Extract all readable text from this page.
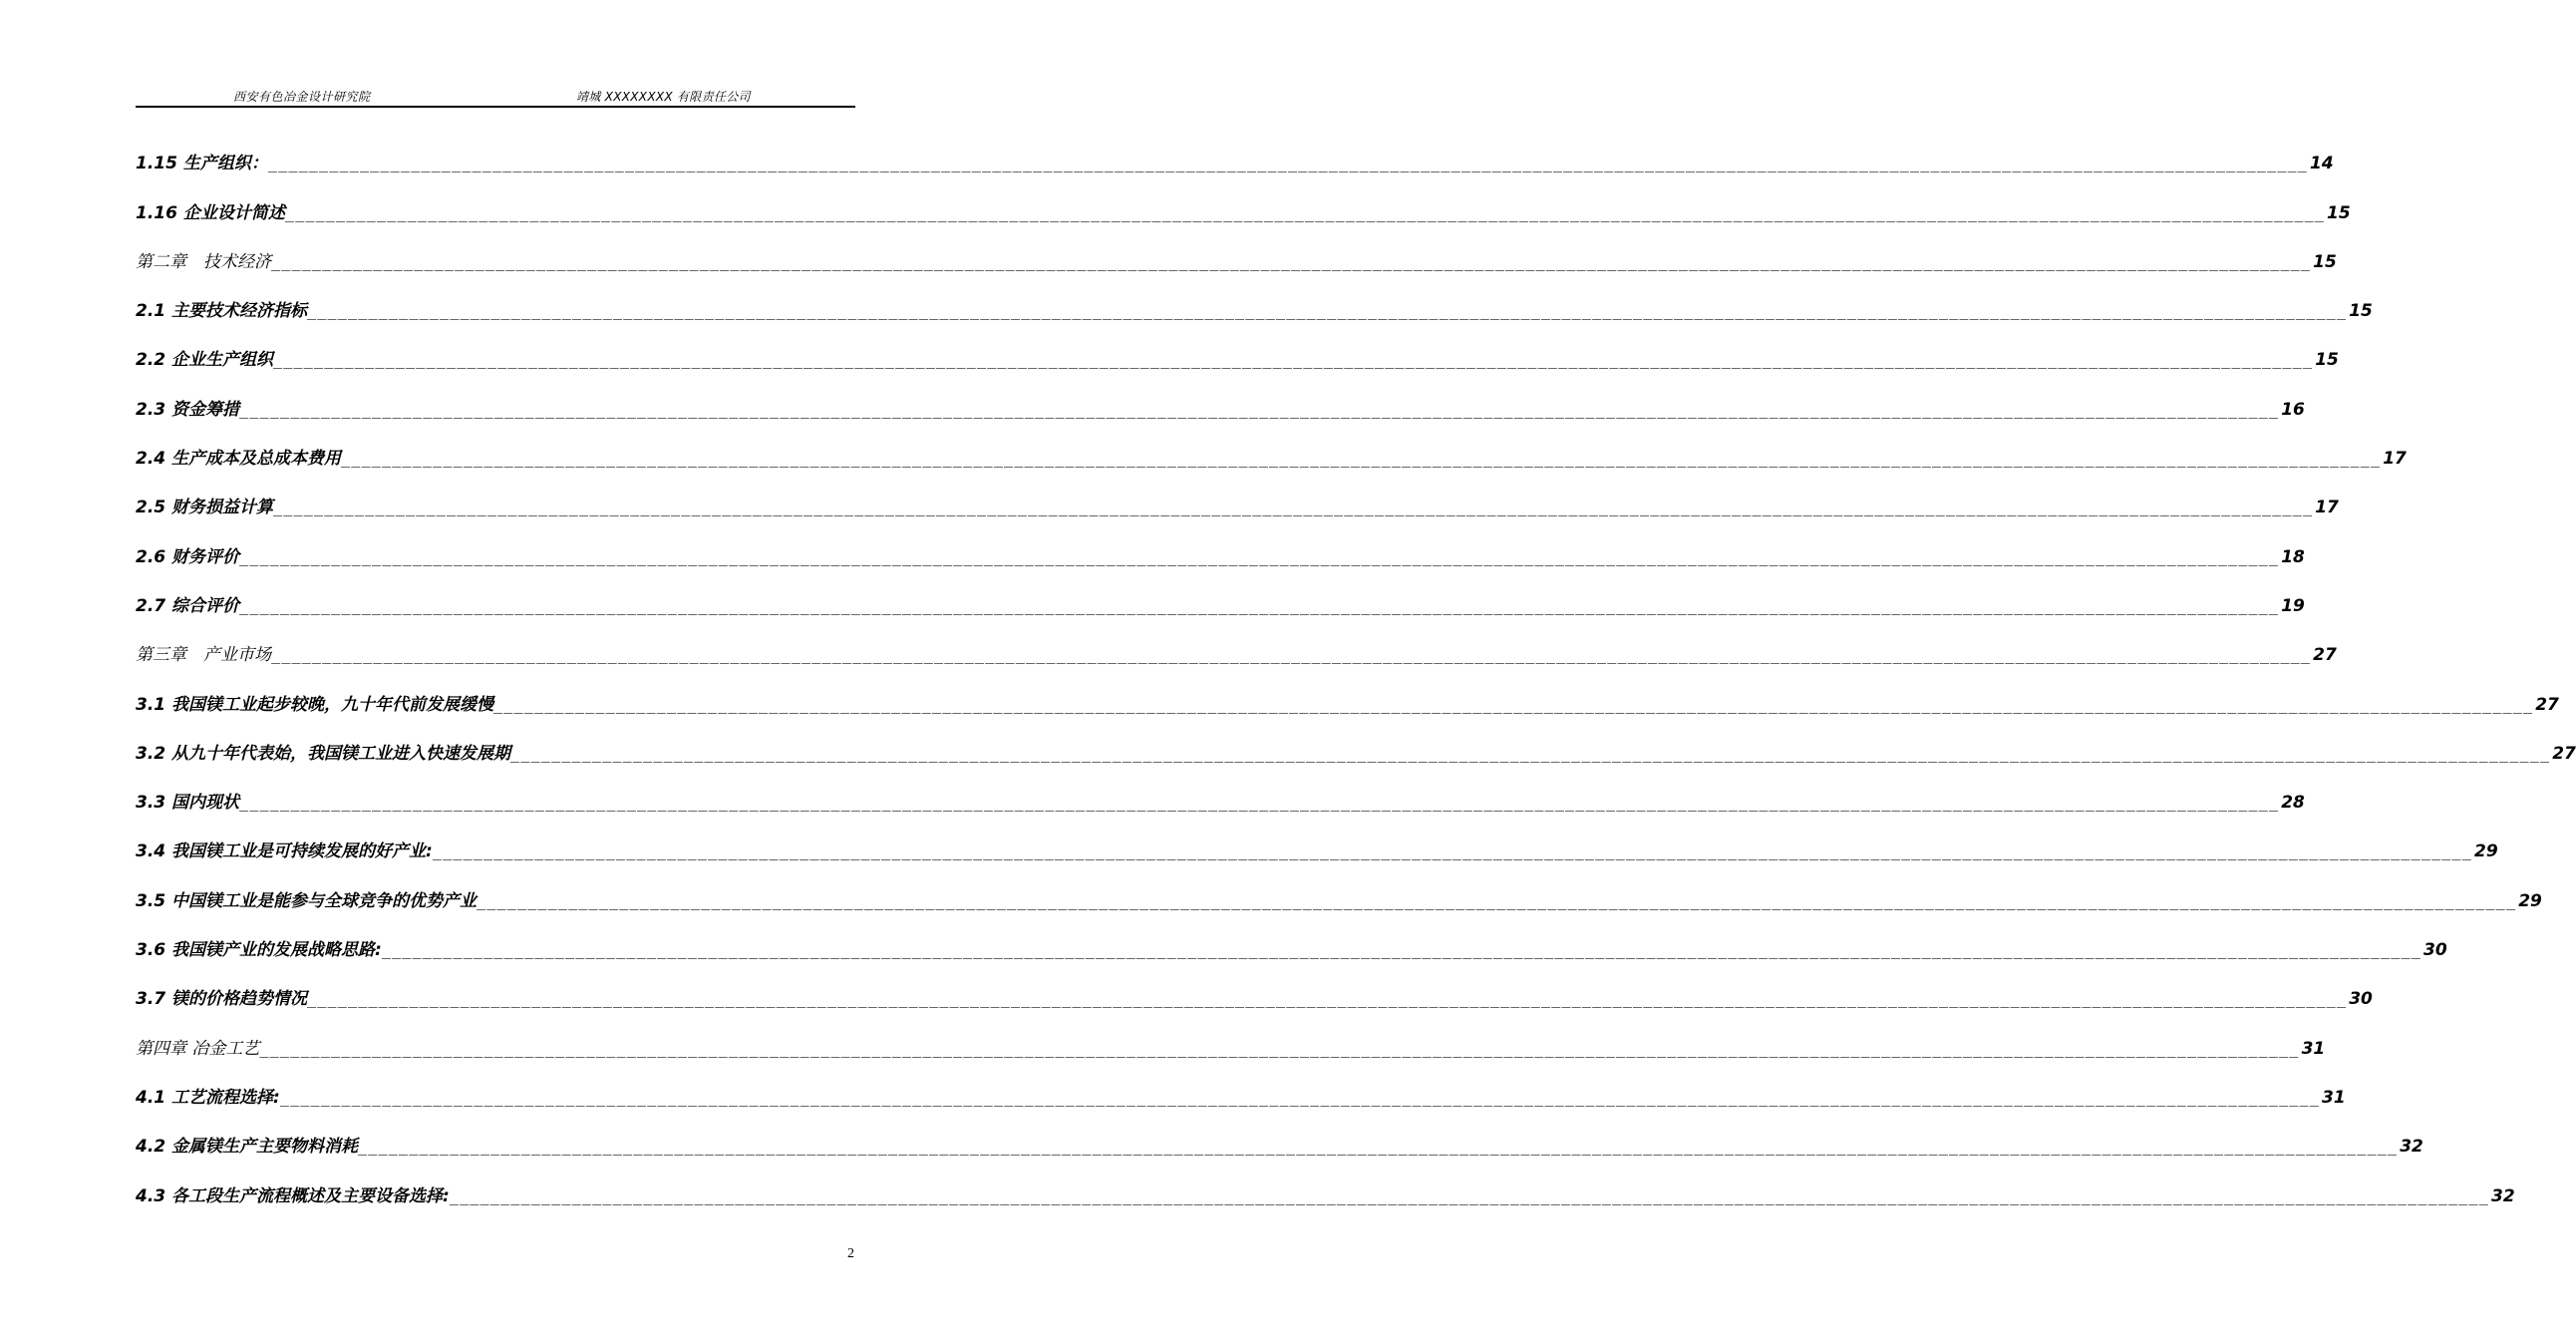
西安有色冶金设计研究院	靖城 XXXXXXXX 有限责任公司
1.15 生产组织： ________________________________________________________________________________________________________________________________________________________________________________________________________ 14
1.16 企业设计简述 ________________________________________________________________________________________________________________________________________________________________________________________________________ 15
第二章　技术经济 ________________________________________________________________________________________________________________________________________________________________________________________________________ 15
2.1 主要技术经济指标 ________________________________________________________________________________________________________________________________________________________________________________________________________ 15
2.2 企业生产组织 ________________________________________________________________________________________________________________________________________________________________________________________________________ 15
2.3 资金筹措 ________________________________________________________________________________________________________________________________________________________________________________________________________ 16
2.4 生产成本及总成本费用 ________________________________________________________________________________________________________________________________________________________________________________________________________ 17
2.5 财务损益计算 ________________________________________________________________________________________________________________________________________________________________________________________________________ 17
2.6 财务评价 ________________________________________________________________________________________________________________________________________________________________________________________________________ 18
2.7 综合评价 ________________________________________________________________________________________________________________________________________________________________________________________________________ 19
第三章　产业市场 ________________________________________________________________________________________________________________________________________________________________________________________________________ 27
3.1 我国镁工业起步较晚，九十年代前发展缓慢 ________________________________________________________________________________________________________________________________________________________________________________________________________ 27
3.2 从九十年代表始，我国镁工业进入快速发展期 ________________________________________________________________________________________________________________________________________________________________________________________________________ 27
3.3 国内现状 ________________________________________________________________________________________________________________________________________________________________________________________________________ 28
3.4 我国镁工业是可持续发展的好产业: ________________________________________________________________________________________________________________________________________________________________________________________________________ 29
3.5 中国镁工业是能参与全球竞争的优势产业 ________________________________________________________________________________________________________________________________________________________________________________________________________ 29
3.6 我国镁产业的发展战略思路: ________________________________________________________________________________________________________________________________________________________________________________________________________ 30
3.7 镁的价格趋势情况 ________________________________________________________________________________________________________________________________________________________________________________________________________ 30
第四章 冶金工艺 ________________________________________________________________________________________________________________________________________________________________________________________________________ 31
4.1 工艺流程选择: ________________________________________________________________________________________________________________________________________________________________________________________________________ 31
4.2 金属镁生产主要物料消耗 ________________________________________________________________________________________________________________________________________________________________________________________________________ 32
4.3 各工段生产流程概述及主要设备选择: ________________________________________________________________________________________________________________________________________________________________________________________________________ 32
2
